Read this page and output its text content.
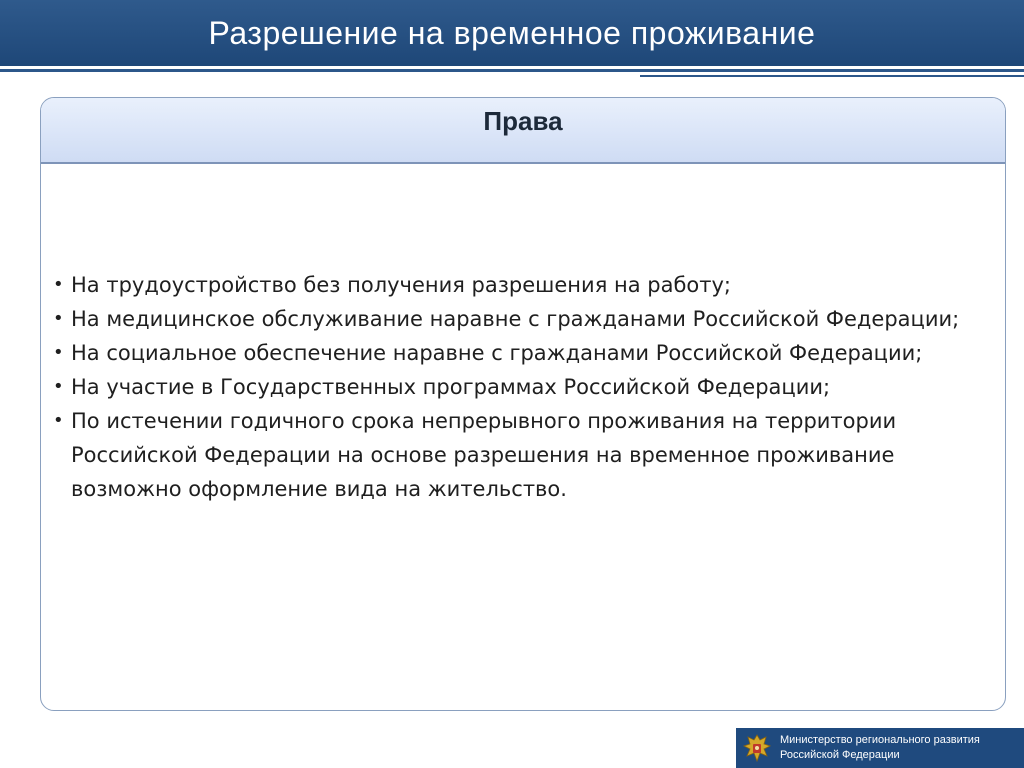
Разрешение на временное проживание
Права
• На трудоустройство без получения разрешения на работу;
• На медицинское обслуживание наравне с гражданами Российской Федерации;
• На социальное обеспечение наравне с гражданами Российской Федерации;
• На участие в Государственных программах Российской Федерации;
• По истечении годичного срока непрерывного проживания на территории Российской Федерации на основе разрешения на временное проживание возможно оформление вида на жительство.
Министерство регионального развития
Российской Федерации
